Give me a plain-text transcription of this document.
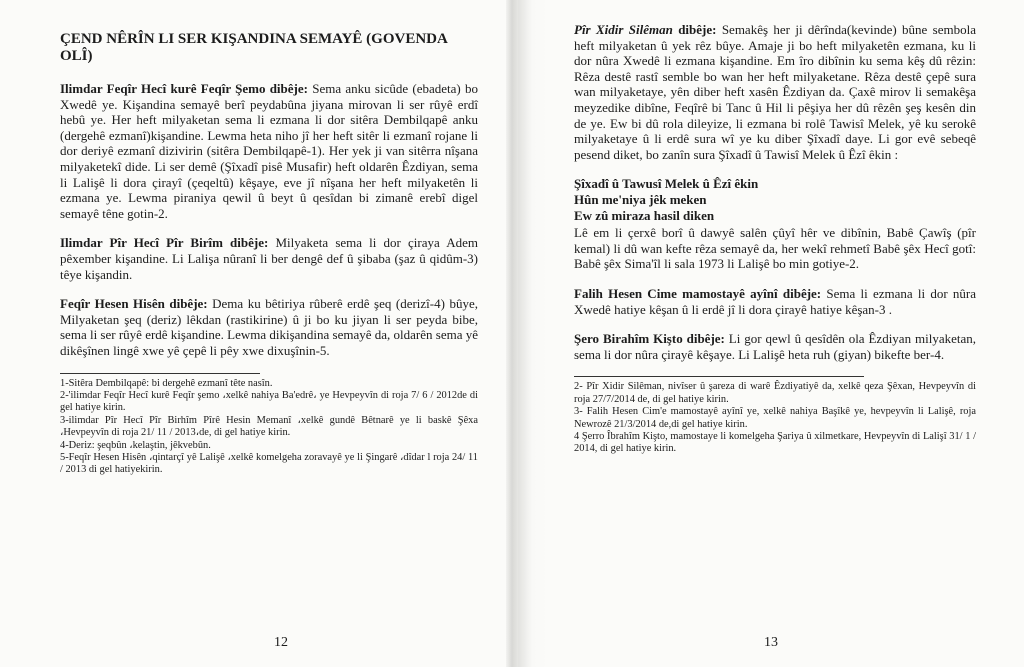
ÇEND NÊRÎN LI SER KIŞANDINA SEMAYÊ (GOVENDA OLÎ)

Ilimdar Feqîr Hecî kurê Feqîr Şemo dibêje: Sema anku sicûde (ebadeta) bo Xwedê ye. Kişandina semayê berî peydabûna jiyana mirovan li ser rûyê erdî hebû ye. Her heft milyaketan sema li ezmana li dor sitêra Dembilqapê anku (dergehê ezmanî)kişandine. Lewma heta niho jî her heft sitêr li ezmanî rojane li dor deriyê ezmanî dizivirin (sitêra Dembilqapê-1). Her yek ji van sitêrra nîşana milyaketekî dide. Li ser demê (Şîxadî pisê Musafir) heft oldarên Êzdiyan, sema li Lalişê li dora çirayî (çeqeltû) kêşaye, eve jî nîşana her heft milyaketên li ezmana ye. Lewma piraniya qewil û beyt û qesîdan bi zimanê erebî digel semayê têne gotin-2.

Ilimdar Pîr Hecî Pîr Birîm dibêje: Milyaketa sema li dor çiraya Adem pêxember kişandine. Li Lalişa nûranî li ber dengê def û şibaba (şaz û qidûm-3) têye kişandin.

Feqîr Hesen Hisên dibêje: Dema ku bêtiriya rûberê erdê şeq (derizî-4) bûye, Milyaketan şeq (deriz) lêkdan (rastikirine) û ji bo ku jiyan li ser peyda bibe, sema li ser rûyê erdê kişandine. Lewma dikişandina semayê da, oldarên sema yê dikêşînen lingê xwe yê çepê li pêy xwe dixuşînin-5.

1-Sitêra Dembilqapê: bi dergehê ezmanî têtе nasîn.

2-'ilimdar Feqîr Hecî kurê Feqîr şemo ،xelkê nahiya Ba'edrê، ye Hevpeyvîn di roja 7/ 6 / 2012de di gel hatiye kirin.

3-ilimdar Pîr Hecî Pîr Birhîm Pîrê Hesin Memanî ،xelkê gundê Bêtnarê ye li baskê Şêxa ،Hevpeyvîn di roja 21/ 11 / 2013،de, di gel hatiye kirin.

4-Deriz: şeqbûn ،kelaştin, jêkvebûn.

5-Feqîr Hesen Hisên ،qintarçî yê Lalişê ،xelkê komelgeha zoravayê ye li Şingarê ،dîdar l roja 24/ 11 / 2013 di gel hatiyekirin.

12

Pîr Xidir Silêman dibêje: Semakêş her ji dêrînda(kevinde) bûne sembola heft milyaketan û yek rêz bûye. Amaje ji bo heft milyaketên ezmana, ku li dor nûra Xwedê li ezmana kişandine. Em îro dibînin ku sema kêş dû rêzin: Rêza destê rastî semble bo wan her heft milyaketane. Rêza destê çepê sura wan milyaketaye, yên diber heft xasên Êzdiyan da. Çaxê mirov li semakêşa meyzedike dibîne, Feqîrê bi Tanc û Hil li pêşiya her dû rêzên şeş kesên din de ye. Ew bi dû rola dileyize, li ezmana bi rolê Tawisî Melek, yê ku serokê milyaketaye û li erdê sura wî ye ku diber Şîxadî daye. Li gor evê sebeqê pesend diket, bo zanîn sura Şîxadî û Tawisî Melek û Êzî êkin :

Şîxadî û Tawusî Melek û Êzî êkin

Hûn me'niya jêk meken

Ew zû miraza hasil diken

Lê em li çerxê borî û dawyê salên çûyî hêr ve dibînin, Babê Çawîş (pîr kemal) li dû wan kefte rêza semayê da, her wekî rehmetî Babê şêx Hecî gotî: Babê şêx Sima'îl li sala 1973 li Lalişê bo min gotiye-2.

Falih Hesen Cime mamostayê ayînî dibêje: Sema li ezmana li dor nûra Xwedê hatiye kêşan û li erdê jî li dora çirayê hatiye kêşan-3 .

Şero Birahîm Kişto dibêje: Li gor qewl û qesîdên ola Êzdiyan milyaketan, sema li dor nûra çirayê kêşaye. Li Lalişê heta ruh (giyan) bikefte ber-4.

2- Pîr Xidir Silêman, nivîser û şareza di warê Êzdiyatiyê da, xelkê qeza Şêxan, Hevpeyvîn di roja 27/7/2014 de, di gel hatiye kirin.

3- Falih Hesen Cim'e mamostayê ayînî ye, xelkê nahiya Başîkê ye, hevpeyvîn li Lalişê, roja Newrozê 21/3/2014 de,di gel hatiye kirin.

4 Şerro Îbrahîm Kişto, mamostaye li komelgeha Şariya û xilmetkare, Hevpeyvîn di Lalişî 31/ 1 / 2014, di gel hatiye kirin.

13
